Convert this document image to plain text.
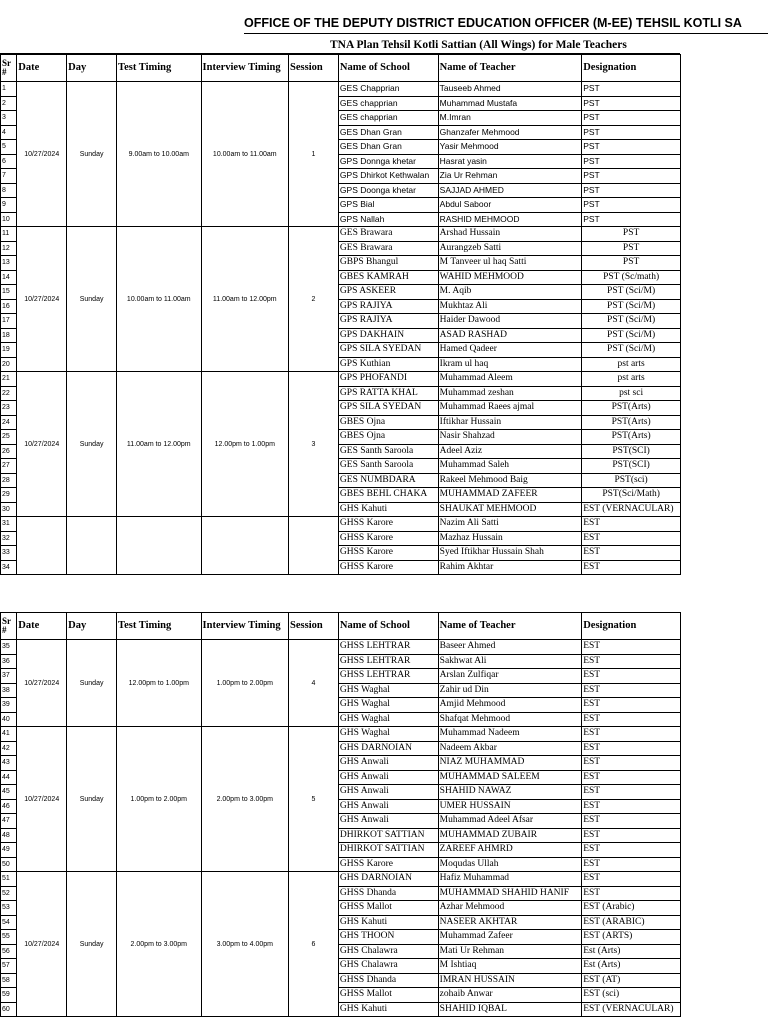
OFFICE OF THE DEPUTY DISTRICT EDUCATION OFFICER (M-EE) TEHSIL KOTLI SA
TNA Plan Tehsil Kotli Sattian (All Wings) for Male Teachers
Sr #	Date	Day	Test Timing	Interview Timing	Session	Name of School	Name of Teacher	Designation
1	10/27/2024	Sunday	9.00am to 10.00am	10.00am to 11.00am	1	GES Chapprian	Tauseeb Ahmed	PST
2						GES chapprian	Muhammad Mustafa	PST
3						GES chapprian	M.Imran	PST
4						GES Dhan Gran	Ghanzafer Mehmood	PST
5						GES Dhan Gran	Yasir Mehmood	PST
6						GPS Donnga khetar	Hasrat yasin	PST
7						GPS Dhirkot Kethwalan	Zia Ur Rehman	PST
8						GPS Doonga khetar	SAJJAD AHMED	PST
9						GPS Bial	Abdul Saboor	PST
10						GPS Nallah	RASHID MEHMOOD	PST
11	10/27/2024	Sunday	10.00am to 11.00am	11.00am to 12.00pm	2	GES Brawara	Arshad Hussain	PST
12						GES Brawara	Aurangzeb Satti	PST
13						GBPS Bhangul	M Tanveer ul haq Satti	PST
14						GBES KAMRAH	WAHID MEHMOOD	PST (Sc/math)
15						GPS ASKEER	M. Aqib	PST (Sci/M)
16						GPS RAJIYA	Mukhtaz Ali	PST (Sci/M)
17						GPS RAJIYA	Haider Dawood	PST (Sci/M)
18						GPS DAKHAIN	ASAD RASHAD	PST (Sci/M)
19						GPS SILA SYEDAN	Hamed Qadeer	PST (Sci/M)
20						GPS Kuthian	Ikram ul haq	pst arts
21	10/27/2024	Sunday	11.00am to 12.00pm	12.00pm to 1.00pm	3	GPS PHOFANDI	Muhammad Aleem	pst arts
22						GPS RATTA KHAL	Muhammad zeshan	pst sci
23						GPS SILA SYEDAN	Muhammad Raees ajmal	PST(Arts)
24						GBES Ojna	Iftikhar Hussain	PST(Arts)
25						GBES Ojna	Nasir Shahzad	PST(Arts)
26						GES Santh Saroola	Adeel Aziz	PST(SCI)
27						GES Santh Saroola	Muhammad Saleh	PST(SCI)
28						GES NUMBDARA	Rakeel Mehmood Baig	PST(sci)
29						GBES BEHL CHAKA	MUHAMMAD ZAFEER	PST(Sci/Math)
30						GHS Kahuti	SHAUKAT MEHMOOD	EST (VERNACULAR)
31						GHSS Karore	Nazim Ali Satti	EST
32						GHSS Karore	Mazhaz Hussain	EST
33						GHSS Karore	Syed Iftikhar Hussain Shah	EST
34						GHSS Karore	Rahim Akhtar	EST
Sr #	Date	Day	Test Timing	Interview Timing	Session	Name of School	Name of Teacher	Designation
35	10/27/2024	Sunday	12.00pm to 1.00pm	1.00pm to 2.00pm	4	GHSS LEHTRAR	Baseer Ahmed	EST
36						GHSS LEHTRAR	Sakhwat Ali	EST
37						GHSS LEHTRAR	Arslan Zulfiqar	EST
38						GHS Waghal	Zahir ud Din	EST
39						GHS Waghal	Amjid Mehmood	EST
40						GHS Waghal	Shafqat Mehmood	EST
41	10/27/2024	Sunday	1.00pm to 2.00pm	2.00pm to 3.00pm	5	GHS Waghal	Muhammad Nadeem	EST
42						GHS DARNOIAN	Nadeem Akbar	EST
43						GHS Anwali	NIAZ MUHAMMAD	EST
44						GHS Anwali	MUHAMMAD SALEEM	EST
45						GHS Anwali	SHAHID NAWAZ	EST
46						GHS Anwali	UMER HUSSAIN	EST
47						GHS Anwali	Muhammad Adeel Afsar	EST
48						DHIRKOT SATTIAN	MUHAMMAD ZUBAIR	EST
49						DHIRKOT SATTIAN	ZAREEF AHMRD	EST
50						GHSS Karore	Moqudas Ullah	EST
51	10/27/2024	Sunday	2.00pm to 3.00pm	3.00pm to 4.00pm	6	GHS DARNOIAN	Hafiz Muhammad	EST
52						GHSS Dhanda	MUHAMMAD SHAHID HANIF	EST
53						GHSS Mallot	Azhar Mehmood	EST (Arabic)
54						GHS Kahuti	NASEER AKHTAR	EST (ARABIC)
55						GHS THOON	Muhammad Zafeer	EST (ARTS)
56						GHS Chalawra	Mati Ur Rehman	Est (Arts)
57						GHS Chalawra	M Ishtiaq	Est (Arts)
58						GHSS Dhanda	IMRAN HUSSAIN	EST (AT)
59						GHSS Mallot	zohaib Anwar	EST (sci)
60						GHS Kahuti	SHAHID IQBAL	EST (VERNACULAR)
